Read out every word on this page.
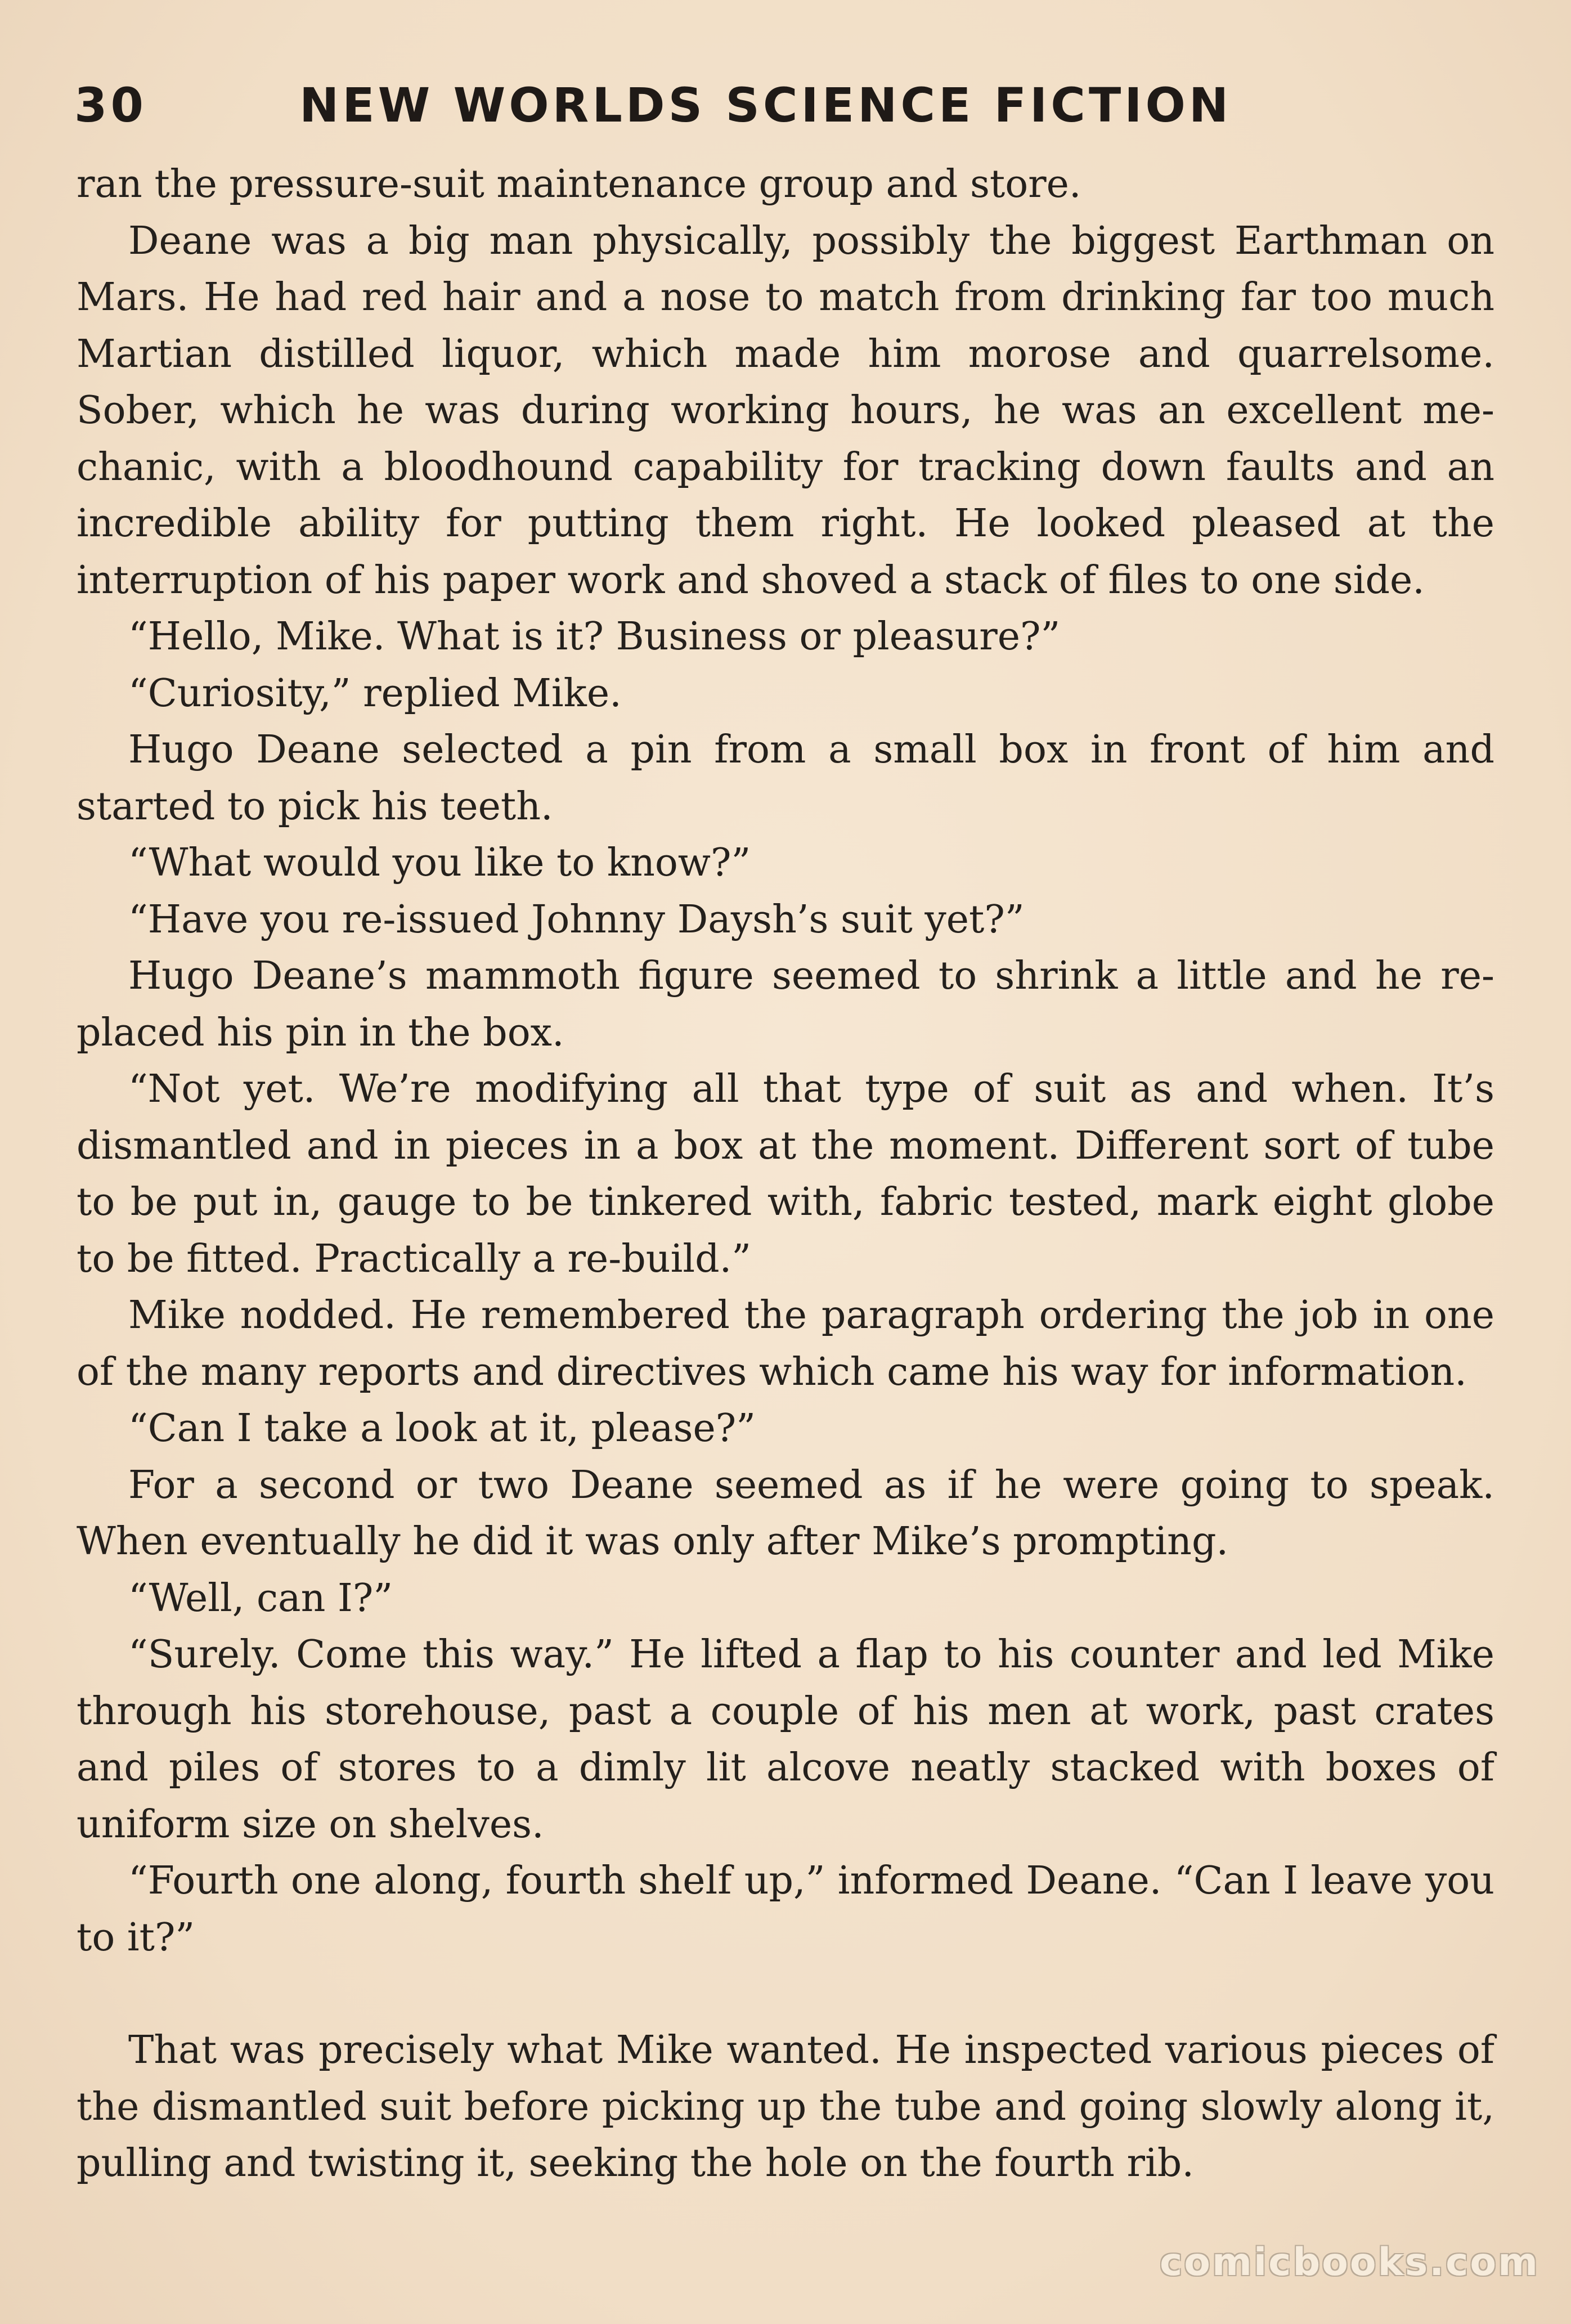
30	NEW WORLDS SCIENCE FICTION

ran the pressure-suit maintenance group and store.

Deane was a big man physically, possibly the biggest Earthman on Mars. He had red hair and a nose to match from drinking far too much Martian distilled liquor, which made him morose and quarrelsome. Sober, which he was during working hours, he was an excellent mechanic, with a bloodhound capability for tracking down faults and an incredible ability for putting them right. He looked pleased at the interruption of his paper work and shoved a stack of files to one side.

“Hello, Mike. What is it? Business or pleasure?”

“Curiosity,” replied Mike.

Hugo Deane selected a pin from a small box in front of him and started to pick his teeth.

“What would you like to know?”

“Have you re-issued Johnny Daysh’s suit yet?”

Hugo Deane’s mammoth figure seemed to shrink a little and he replaced his pin in the box.

“Not yet. We’re modifying all that type of suit as and when. It’s dismantled and in pieces in a box at the moment. Different sort of tube to be put in, gauge to be tinkered with, fabric tested, mark eight globe to be fitted. Practically a re-build.”

Mike nodded. He remembered the paragraph ordering the job in one of the many reports and directives which came his way for information.

“Can I take a look at it, please?”

For a second or two Deane seemed as if he were going to speak. When eventually he did it was only after Mike’s prompting.

“Well, can I?”

“Surely. Come this way.” He lifted a flap to his counter and led Mike through his storehouse, past a couple of his men at work, past crates and piles of stores to a dimly lit alcove neatly stacked with boxes of uniform size on shelves.

“Fourth one along, fourth shelf up,” informed Deane. “Can I leave you to it?”

That was precisely what Mike wanted. He inspected various pieces of the dismantled suit before picking up the tube and going slowly along it, pulling and twisting it, seeking the hole on the fourth rib.

comicbooks.com
